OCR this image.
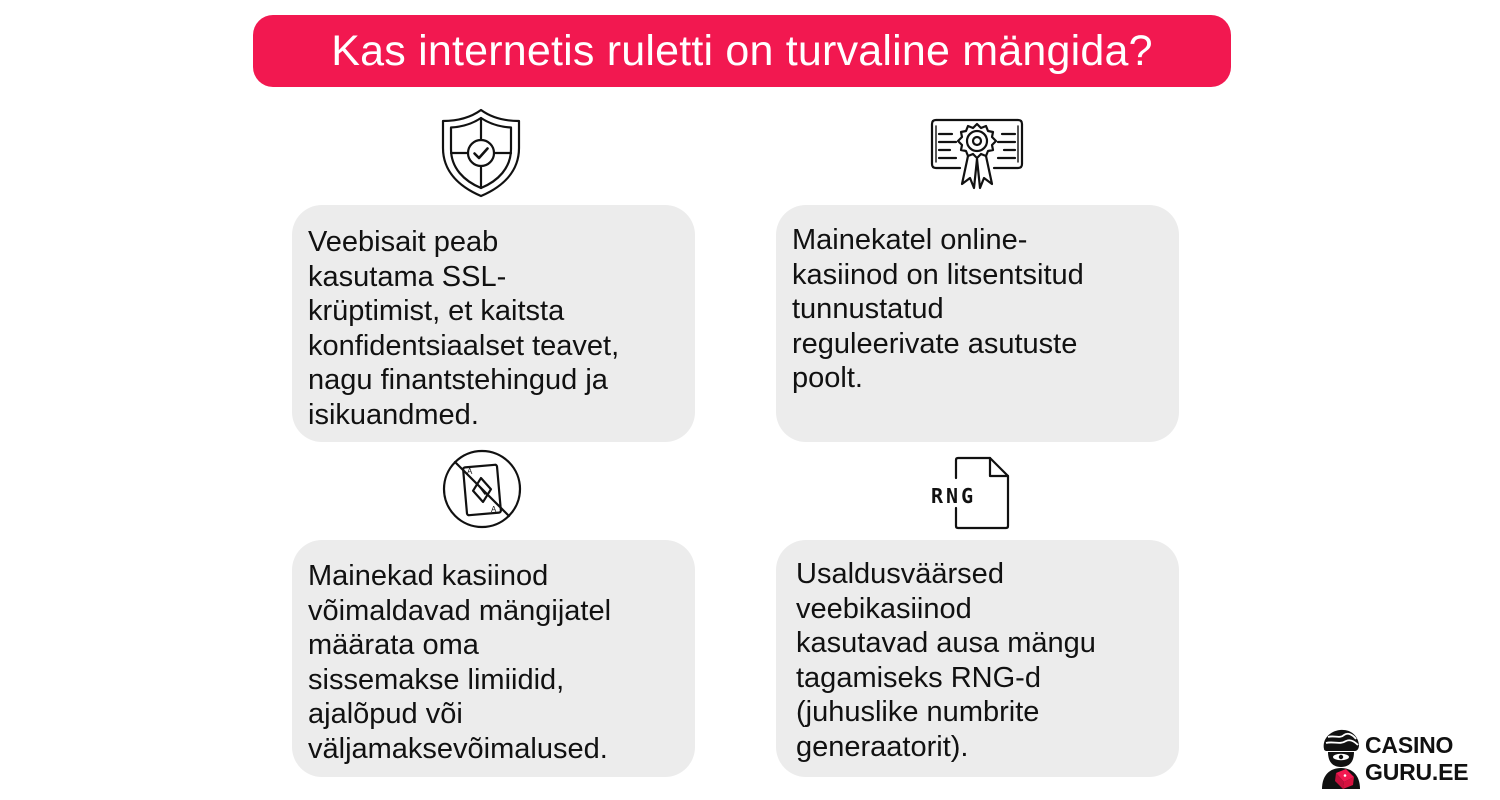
Kas internetis ruletti on turvaline mängida?
A
A
RNG
Veebisait peab
kasutama SSL-
krüptimist, et kaitsta
konfidentsiaalset teavet,
nagu finantstehingud ja
isikuandmed.
Mainekatel online-
kasiinod on litsentsitud
tunnustatud
reguleerivate asutuste
poolt.
Mainekad kasiinod
võimaldavad mängijatel
määrata oma
sissemakse limiidid,
ajalõpud või
väljamaksevõimalused.
Usaldusväärsed
veebikasiinod
kasutavad ausa mängu
tagamiseks RNG-d
(juhuslike numbrite
generaatorit).	CASINO
GURU.EE
